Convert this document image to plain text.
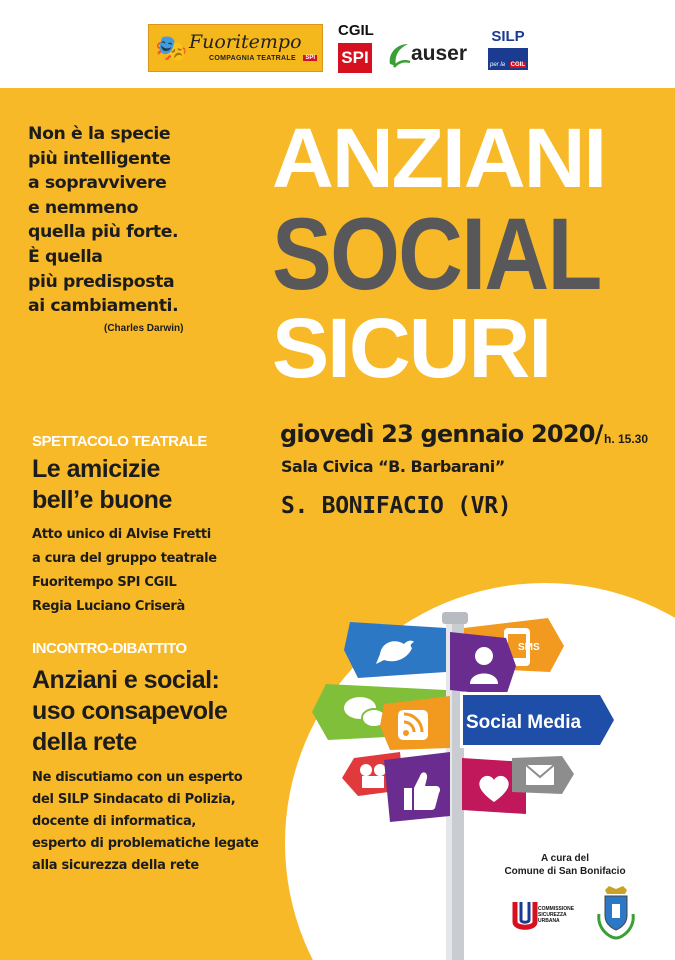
🎭 Fuoritempo
COMPAGNIA TEATRALE	SPI
CGIL
SPI auser
SILP
per la CGIL
Non è la specie
più intelligente
a sopravvivere
e nemmeno
quella più forte.
È quella
più predisposta
ai cambiamenti.
(Charles Darwin)
ANZIANI
SOCIAL
SICURI
giovedì 23 gennaio 2020/ h. 15.30
Sala Civica “B. Barbarani”
S. BONIFACIO (VR)
SPETTACOLO TEATRALE
Le amicizie
bell’e buone
Atto unico di Alvise Fretti
a cura del gruppo teatrale
Fuoritempo SPI CGIL
Regia Luciano Criserà
INCONTRO-DIBATTITO
Anziani e social:
uso consapevole
della rete
Ne discutiamo con un esperto
del SILP Sindacato di Polizia,
docente di informatica,
esperto di problematiche legate
alla sicurezza della rete
SMS
Social Media
A cura del
Comune di San Bonifacio
COMMISSIONE
SICUREZZA
URBANA
